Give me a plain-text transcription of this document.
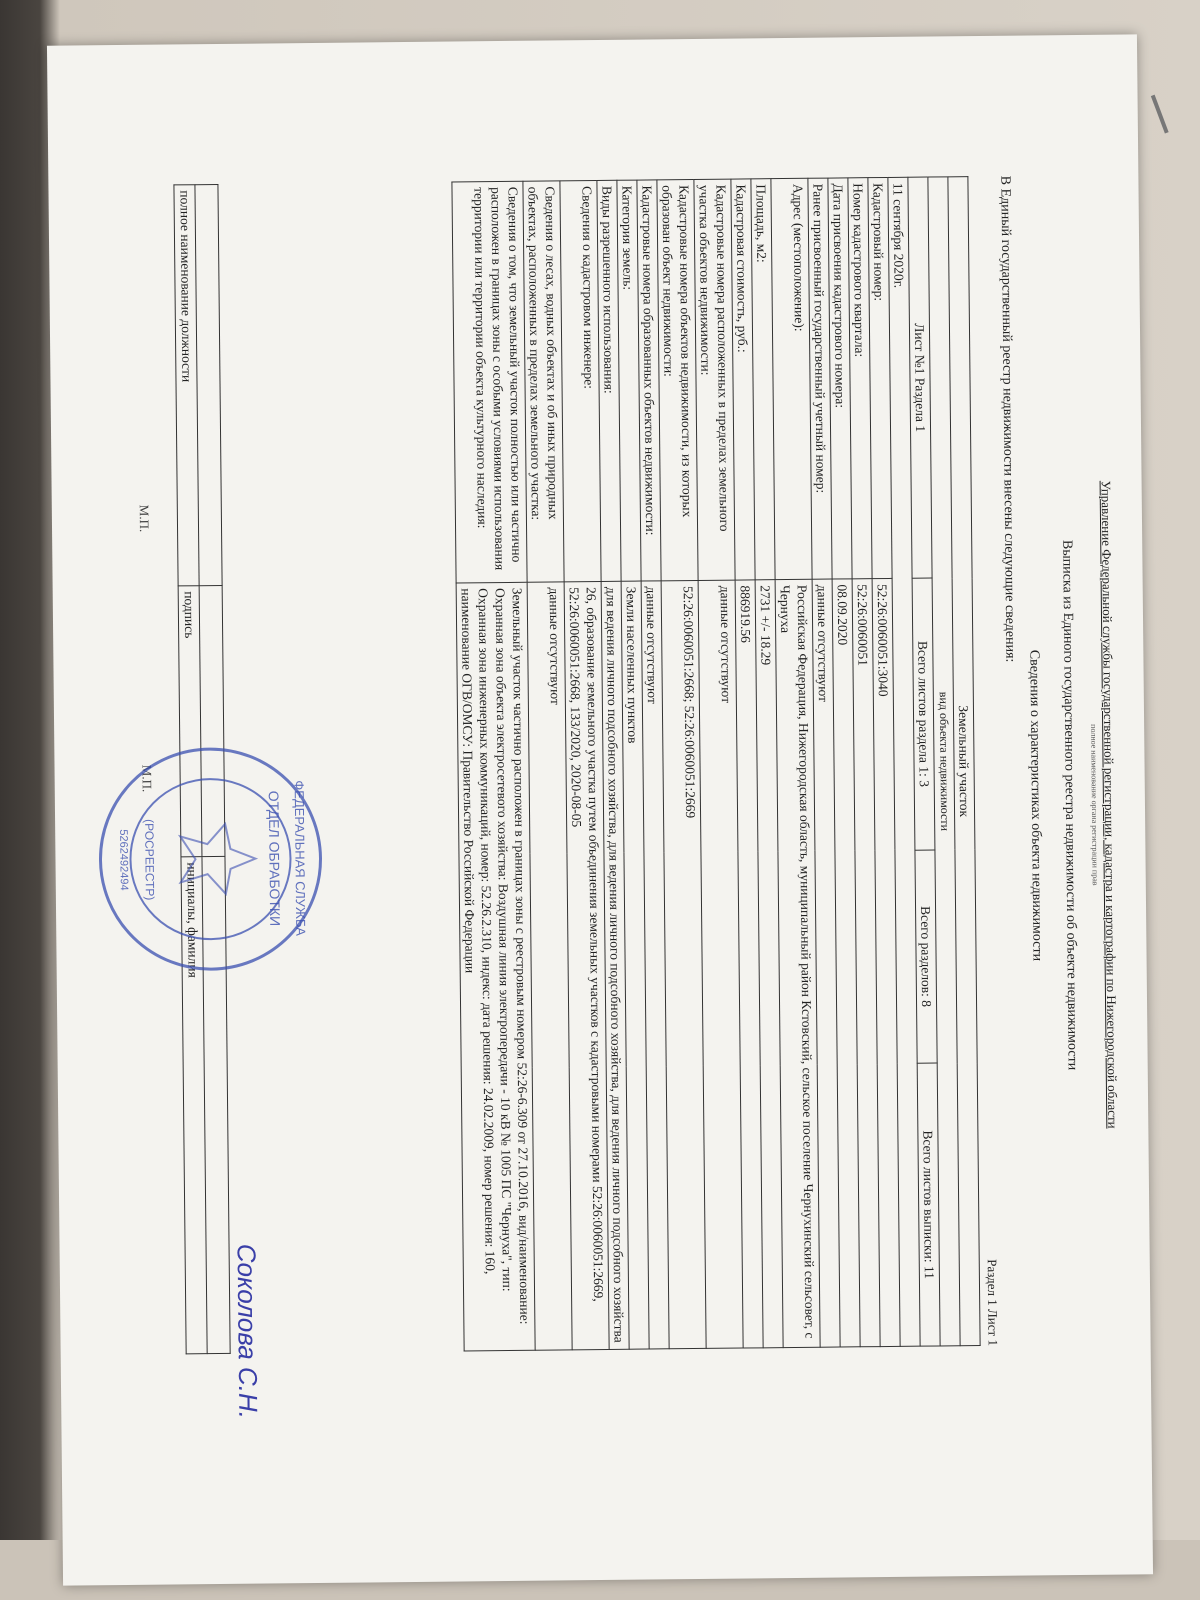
Управление Федеральной службы государственной регистрации, кадастра и картографии по Нижегородской области
полное наименование органа регистрации прав
Выписка из Единого государственного реестра недвижимости об объекте недвижимости
Сведения о характеристиках объекта недвижимости
В Единый государственный реестр недвижимости внесены следующие сведения:
Раздел 1 Лист 1
Земельный участок			
вид объекта недвижимости			
Лист №1 Раздела 1	Всего листов раздела 1: 3	Всего разделов: 8	Всего листов выписки: 11
11 сентября 2020г.			
Кадастровый номер:	52:26:0060051:3040		
Номер кадастрового квартала:	52:26:0060051		
Дата присвоения кадастрового номера:	08.09.2020		
Ранее присвоенный государственный учетный номер:	данные отсутствуют		
Адрес (местоположение):	Российская Федерация, Нижегородская область, муниципальный район Кстовский, сельское поселение Чернухинский сельсовет, с Чернуха		
Площадь, м2:	2731 +/- 18.29		
Кадастровая стоимость, руб.:	886919.56		
Кадастровые номера расположенных в пределах земельного участка объектов недвижимости:	данные отсутствуют		
Кадастровые номера объектов недвижимости, из которых образован объект недвижимости:	52:26:0060051:2668; 52:26:0060051:2669		
Кадастровые номера образованных объектов недвижимости:	данные отсутствуют		
Категория земель:	Земли населенных пунктов		
Виды разрешенного использования:	для ведения личного подсобного хозяйства, для ведения личного подсобного хозяйства, для ведения личного подсобного хозяйства		
Сведения о кадастровом инженере:	26, образование земельного участка путем объединения земельных участков с кадастровыми номерами 52:26:0060051:2669, 52:26:0060051:2668, 133/2020, 2020-08-05		
Сведения о лесах, водных объектах и об иных природных объектах, расположенных в пределах земельного участка:	данные отсутствуют		
Сведения о том, что земельный участок полностью или частично расположен в границах зоны с особыми условиями использования территории или территории объекта культурного наследия:	Земельный участок частично расположен в границах зоны с реестровым номером 52:26-6.309 от 27.10.2016, вид/наименование: Охранная зона объекта электросетевого хозяйства: Воздушная линия электропередачи - 10 кВ № 1005 ПС "Чернуха", тип: Охранная зона инженерных коммуникаций, номер: 52.26.2.310, индекс: дата решения: 24.02.2009, номер решения: 160, наименование ОГВ/ОМСУ: Правительство Российской Федерации		

полное наименование должности	подпись	инициалы, фамилия
М.П.
М.П.
Соколова С.Н.
ФЕДЕРАЛЬНАЯ СЛУЖБА
ОТДЕЛ ОБРАБОТКИ
(РОСРЕЕСТР)
5262492494
